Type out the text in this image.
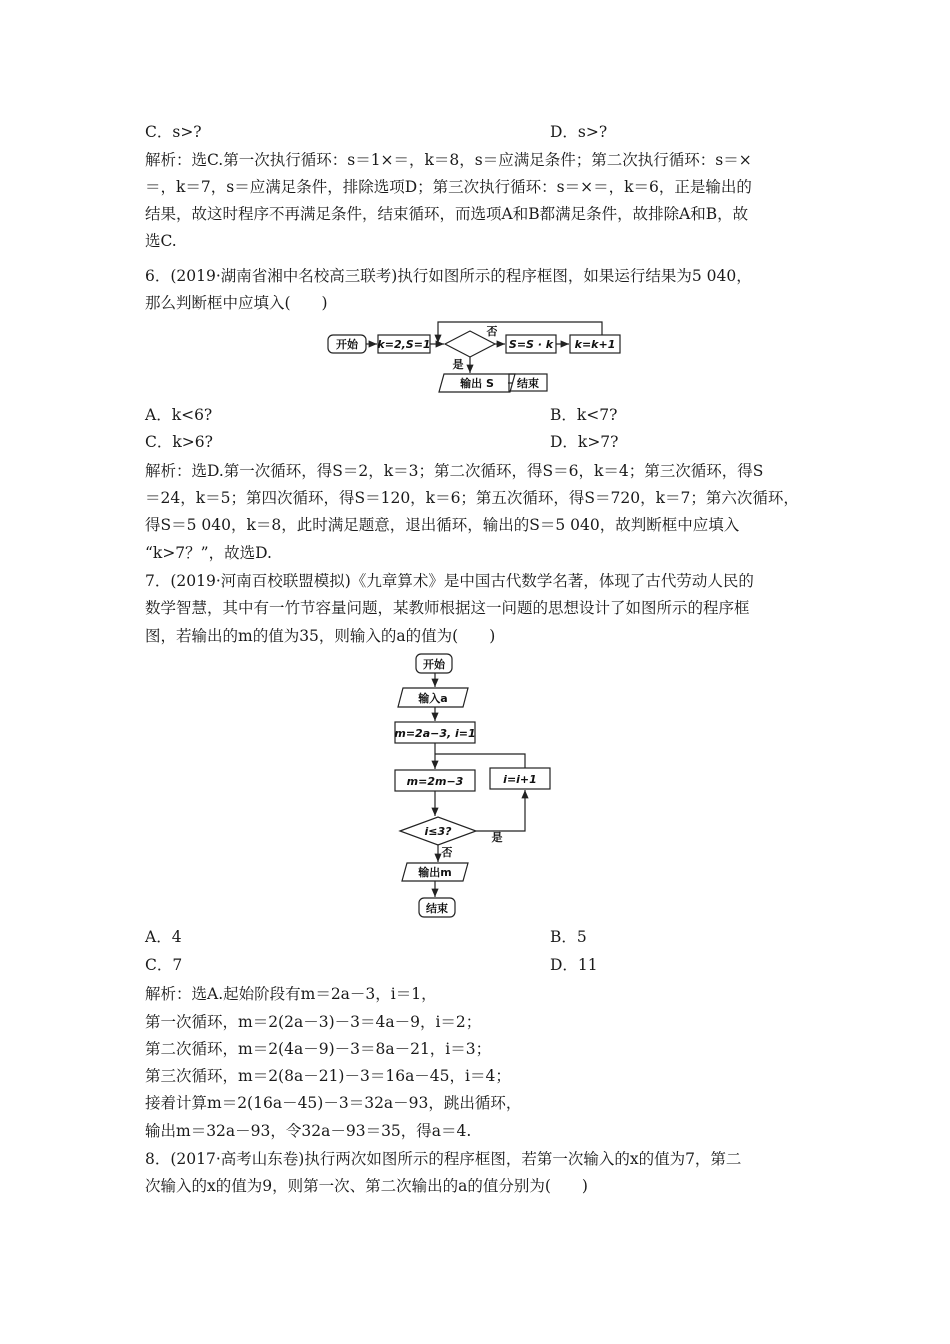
C．s>?	D．s>?
解析：选C.第一次执行循环：s＝1×＝，k＝8，s＝应满足条件；第二次执行循环：s＝×
＝，k＝7，s＝应满足条件，排除选项D；第三次执行循环：s＝×＝，k＝6，正是输出的
结果，故这时程序不再满足条件，结束循环，而选项A和B都满足条件，故排除A和B，故
选C.
6．(2019·湖南省湘中名校高三联考)执行如图所示的程序框图，如果运行结果为5 040，
那么判断框中应填入(　　)
开始 k=2,S=1
否
S=S · k k=k+1
是
输出 S 结束
A．k<6?	B．k<7?
C．k>6?	D．k>7?
解析：选D.第一次循环，得S＝2，k＝3；第二次循环，得S＝6，k＝4；第三次循环，得S
＝24，k＝5；第四次循环，得S＝120，k＝6；第五次循环，得S＝720，k＝7；第六次循环，
得S＝5 040，k＝8，此时满足题意，退出循环，输出的S＝5 040，故判断框中应填入
“k>7？”，故选D.
7．(2019·河南百校联盟模拟)《九章算术》是中国古代数学名著，体现了古代劳动人民的
数学智慧，其中有一竹节容量问题，某教师根据这一问题的思想设计了如图所示的程序框
图，若输出的m的值为35，则输入的a的值为(　　)
开始
输入a
m=2a−3, i=1
m=2m−3	i=i+1
i≤3?	是
否
输出m
结束
A．4	B．5
C．7	D．11
解析：选A.起始阶段有m＝2a－3，i＝1，
第一次循环，m＝2(2a－3)－3＝4a－9，i＝2；
第二次循环，m＝2(4a－9)－3＝8a－21，i＝3；
第三次循环，m＝2(8a－21)－3＝16a－45，i＝4；
接着计算m＝2(16a－45)－3＝32a－93，跳出循环，
输出m＝32a－93，令32a－93＝35，得a＝4.
8．(2017·高考山东卷)执行两次如图所示的程序框图，若第一次输入的x的值为7，第二
次输入的x的值为9，则第一次、第二次输出的a的值分别为(　　)
